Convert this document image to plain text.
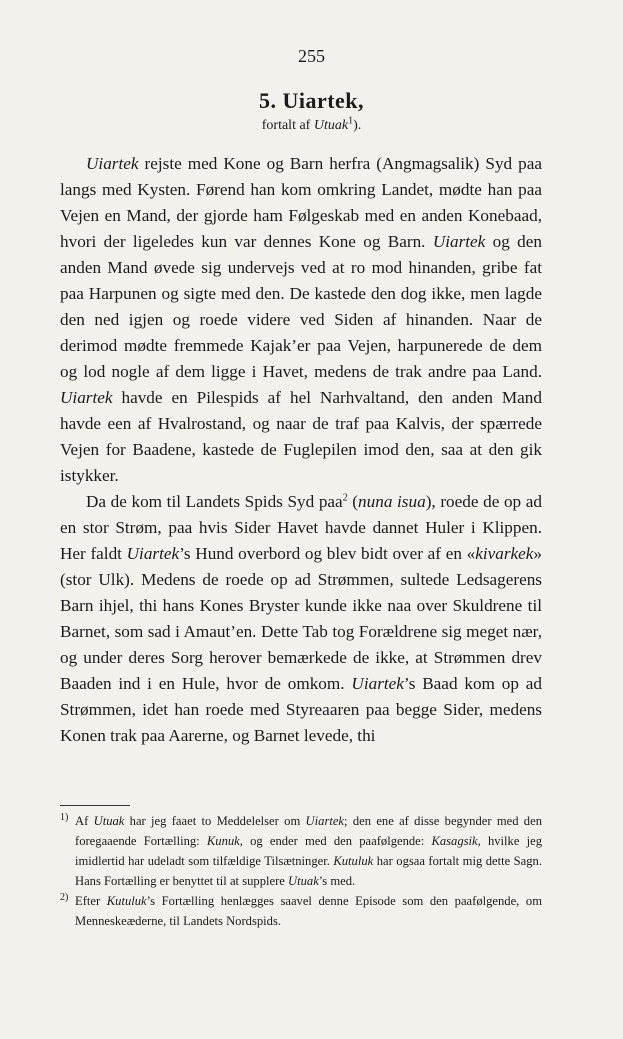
255
5. Uiartek,
fortalt af Utuak$^1$).

Uiartek rejste med Kone og Barn herfra (Angmagsalik) Syd paa langs med Kysten. Førend han kom omkring Landet, mødte han paa Vejen en Mand, der gjorde ham Følgeskab med en anden Konebaad, hvori der ligeledes kun var dennes Kone og Barn. Uiartek og den anden Mand øvede sig undervejs ved at ro mod hinanden, gribe fat paa Harpunen og sigte med den. De kastede den dog ikke, men lagde den ned igjen og roede videre ved Siden af hinanden. Naar de derimod mødte fremmede Kajak’er paa Vejen, harpunerede de dem og lod nogle af dem ligge i Havet, medens de trak andre paa Land. Uiartek havde en Pilespids af hel Narhvaltand, den anden Mand havde een af Hvalrostand, og naar de traf paa Kalvis, der spærrede Vejen for Baadene, kastede de Fuglepilen imod den, saa at den gik istykker.

Da de kom til Landets Spids Syd paa$^2$ (nuna isua), roede de op ad en stor Strøm, paa hvis Sider Havet havde dannet Huler i Klippen. Her faldt Uiartek’s Hund overbord og blev bidt over af en «kivarkek» (stor Ulk). Medens de roede op ad Strømmen, sultede Ledsagerens Barn ihjel, thi hans Kones Bryster kunde ikke naa over Skuldrene til Barnet, som sad i Amaut’en. Dette Tab tog Forældrene sig meget nær, og under deres Sorg herover bemærkede de ikke, at Strømmen drev Baaden ind i en Hule, hvor de omkom. Uiartek’s Baad kom op ad Strømmen, idet han roede med Styreaaren paa begge Sider, medens Konen trak paa Aarerne, og Barnet levede, thi

1) Af Utuak har jeg faaet to Meddelelser om Uiartek; den ene af disse begynder med den foregaaende Fortælling: Kunuk, og ender med den paafølgende: Kasagsik, hvilke jeg imidlertid har udeladt som tilfældige Tilsætninger. Kutuluk har ogsaa fortalt mig dette Sagn. Hans Fortælling er benyttet til at supplere Utuak’s med.

2) Efter Kutuluk’s Fortælling henlægges saavel denne Episode som den paafølgende, om Menneskeæderne, til Landets Nordspids.
